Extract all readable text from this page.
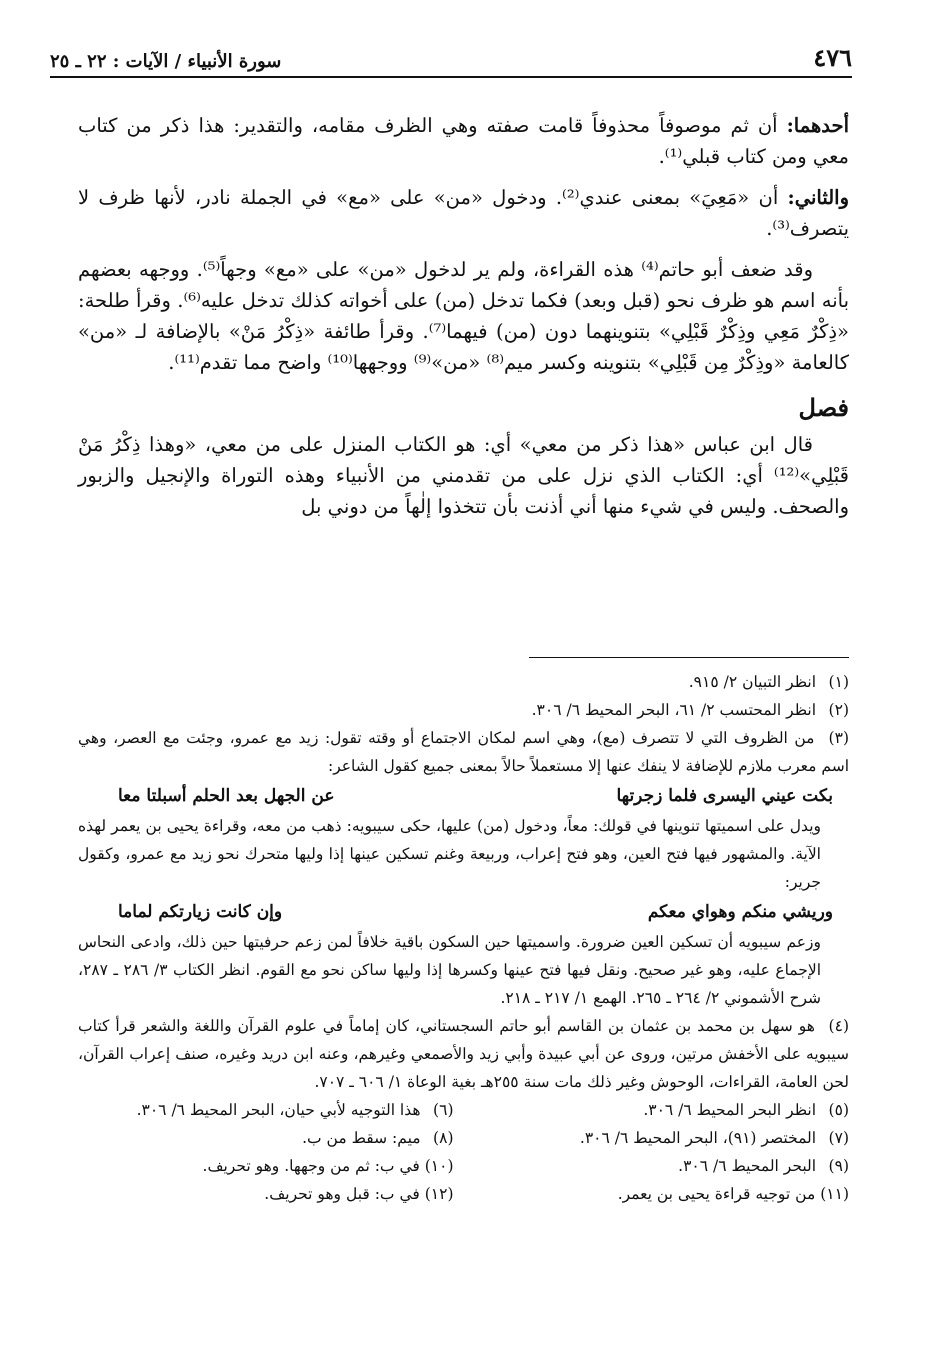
٤٧٦
سورة الأنبياء / الآيات : ٢٢ ـ ٢٥

أحدهما: أن ثم موصوفاً محذوفاً قامت صفته وهي الظرف مقامه، والتقدير: هذا ذكر من كتاب معي ومن كتاب قبلي⁽¹⁾.

والثاني: أن «مَعِيَ» بمعنى عندي⁽²⁾. ودخول «من» على «مع» في الجملة نادر، لأنها ظرف لا يتصرف⁽³⁾.

وقد ضعف أبو حاتم⁽⁴⁾ هذه القراءة، ولم ير لدخول «من» على «مع» وجهاً⁽⁵⁾. ووجهه بعضهم بأنه اسم هو ظرف نحو (قبل وبعد) فكما تدخل (من) على أخواته كذلك تدخل عليه⁽⁶⁾. وقرأ طلحة: «ذِكْرٌ مَعِي وذِكْرٌ قَبْلِي» بتنوينهما دون (من) فيهما⁽⁷⁾. وقرأ طائفة «ذِكْرُ مَنْ» بالإضافة لـ «من» كالعامة «وذِكْرٌ مِن قَبْلِي» بتنوينه وكسر ميم⁽⁸⁾ «من»⁽⁹⁾ ووجهها⁽¹⁰⁾ واضح مما تقدم⁽¹¹⁾.

فصل

قال ابن عباس «هذا ذكر من معي» أي: هو الكتاب المنزل على من معي، «وهذا ذِكْرُ مَنْ قَبْلِي»⁽¹²⁾ أي: الكتاب الذي نزل على من تقدمني من الأنبياء وهذه التوراة والإنجيل والزبور والصحف. وليس في شيء منها أني أذنت بأن تتخذوا إلٰهاً من دوني بل

(١) انظر التبيان ٢/ ٩١٥.

(٢) انظر المحتسب ٢/ ٦١، البحر المحيط ٦/ ٣٠٦.

(٣) من الظروف التي لا تتصرف (مع)، وهي اسم لمكان الاجتماع أو وقته تقول: زيد مع عمرو، وجئت مع العصر، وهي اسم معرب ملازم للإضافة لا ينفك عنها إلا مستعملاً حالاً بمعنى جميع كقول الشاعر:

بكت عيني اليسرى فلما زجرتها
عن الجهل بعد الحلم أسبلتا معا

ويدل على اسميتها تنوينها في قولك: معاً، ودخول (من) عليها، حكى سيبويه: ذهب من معه، وقراءة يحيى بن يعمر لهذه الآية. والمشهور فيها فتح العين، وهو فتح إعراب، وربيعة وغنم تسكين عينها إذا وليها متحرك نحو زيد مع عمرو، وكقول جرير:

وريشي منكم وهواي معكم
وإن كانت زيارتكم لماما

وزعم سيبويه أن تسكين العين ضرورة. واسميتها حين السكون باقية خلافاً لمن زعم حرفيتها حين ذلك، وادعى النحاس الإجماع عليه، وهو غير صحيح. ونقل فيها فتح عينها وكسرها إذا وليها ساكن نحو مع القوم. انظر الكتاب ٣/ ٢٨٦ ـ ٢٨٧، شرح الأشموني ٢/ ٢٦٤ ـ ٢٦٥. الهمع ١/ ٢١٧ ـ ٢١٨.

(٤) هو سهل بن محمد بن عثمان بن القاسم أبو حاتم السجستاني، كان إماماً في علوم القرآن واللغة والشعر قرأ كتاب سيبويه على الأخفش مرتين، وروى عن أبي عبيدة وأبي زيد والأصمعي وغيرهم، وعنه ابن دريد وغيره، صنف إعراب القرآن، لحن العامة، القراءات، الوحوش وغير ذلك مات سنة ٢٥٥هـ بغية الوعاة ١/ ٦٠٦ ـ ٧٠٧.

(٥) انظر البحر المحيط ٦/ ٣٠٦.

(٦) هذا التوجيه لأبي حيان، البحر المحيط ٦/ ٣٠٦.

(٧) المختصر (٩١)، البحر المحيط ٦/ ٣٠٦.

(٨) ميم: سقط من ب.

(٩) البحر المحيط ٦/ ٣٠٦.

(١٠) في ب: ثم من وجهها. وهو تحريف.

(١١) من توجيه قراءة يحيى بن يعمر.

(١٢) في ب: قبل وهو تحريف.
